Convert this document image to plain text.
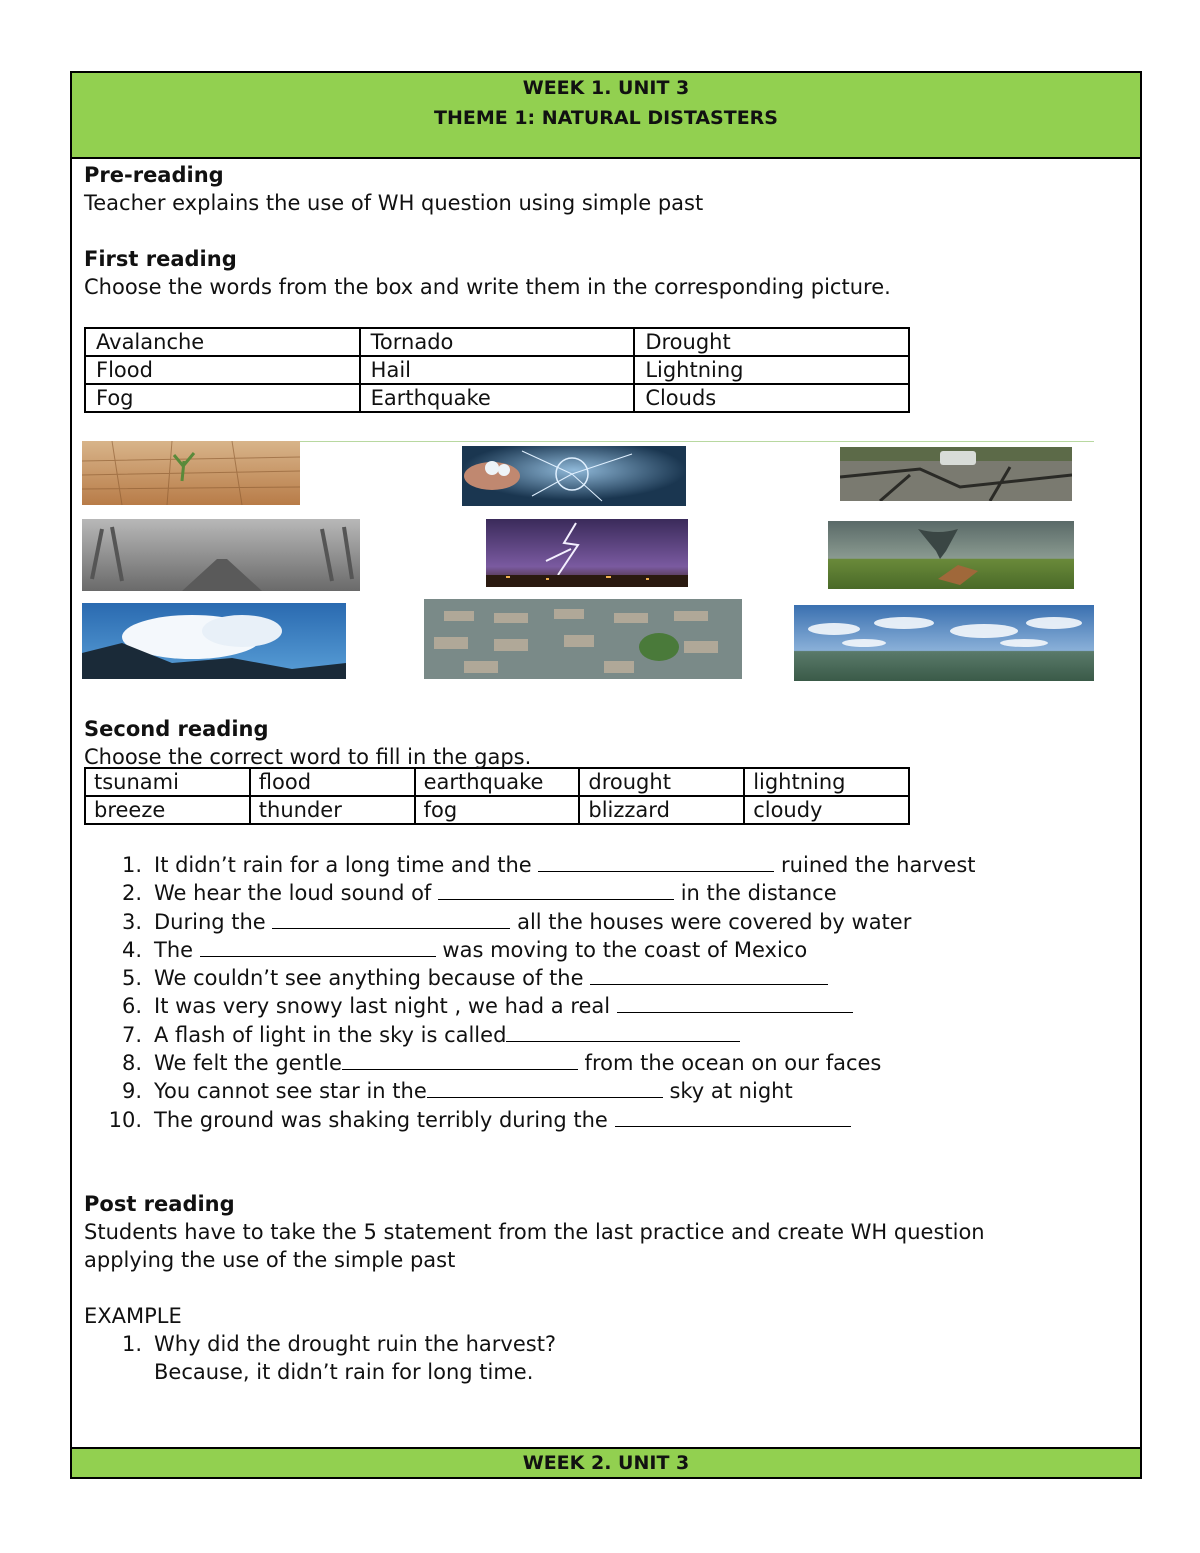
WEEK 1. UNIT 3
THEME 1: NATURAL DISTASTERS

Pre-reading

Teacher explains the use of WH question using simple past

First reading

Choose the words from the box and write them in the corresponding picture.

Avalanche	Tornado	Drought
Flood	Hail	Lightning
Fog	Earthquake	Clouds

Second reading

Choose the correct word to fill in the gaps.

tsunami	flood	earthquake	drought	lightning
breeze	thunder	fog	blizzard	cloudy
1. It didn’t rain for a long time and the	ruined the harvest
2. We hear the loud sound of	in the distance
3. During the	all the houses were covered by water
4. The	was moving to the coast of Mexico
5. We couldn’t see anything because of the
6. It was very snowy last night , we had a real
7. A flash of light in the sky is called
8. We felt the gentle	from the ocean on our faces
9. You cannot see star in the	sky at night
10. The ground was shaking terribly during the

Post reading

Students have to take the 5 statement from the last practice and create WH question

applying the use of the simple past

EXAMPLE

1. Why did the drought ruin the harvest?
Because, it didn’t rain for long time.
WEEK 2. UNIT 3
